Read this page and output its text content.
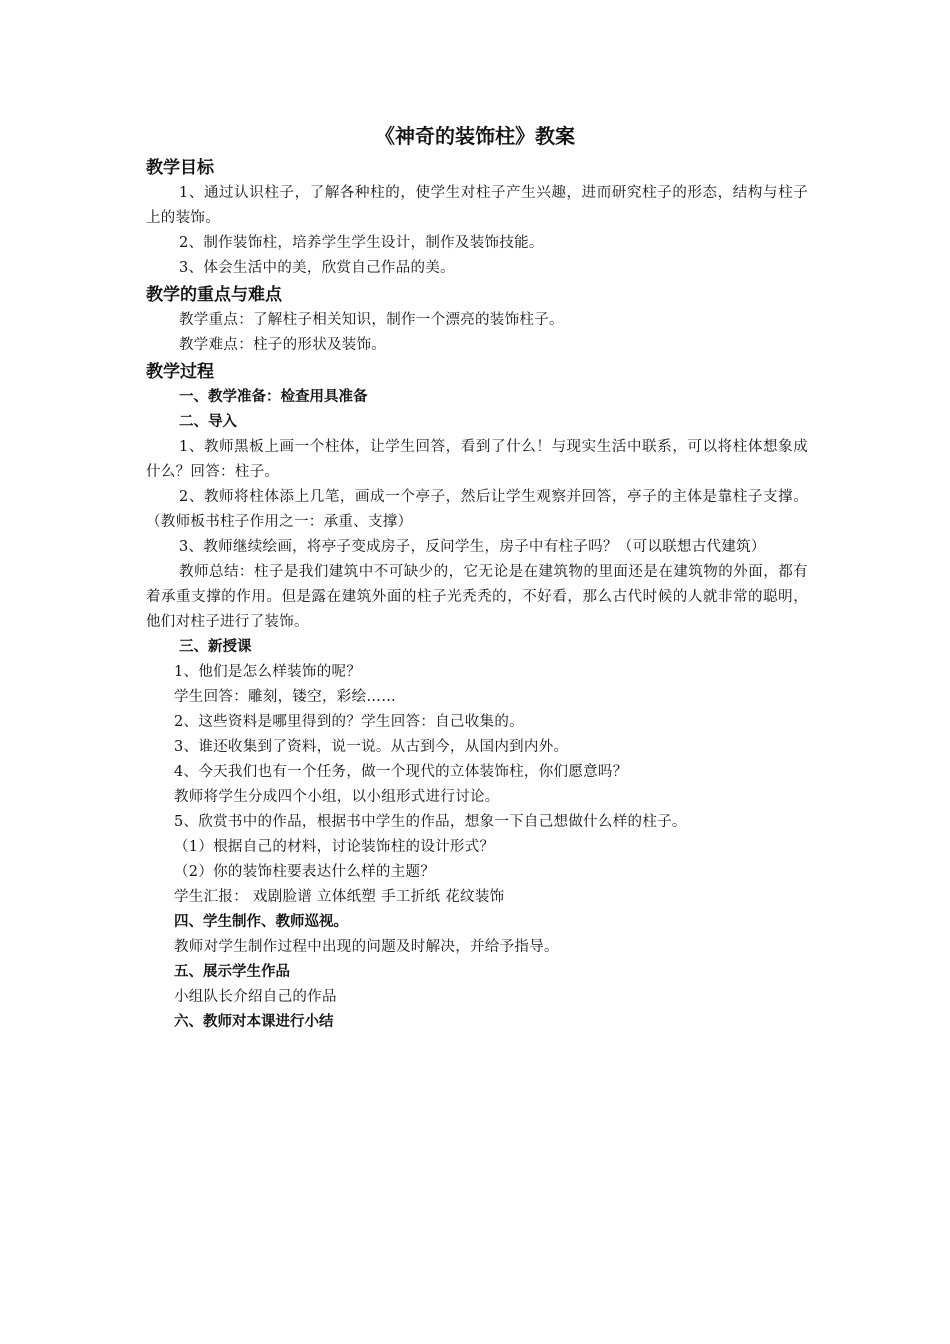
《神奇的装饰柱》教案

教学目标

1、通过认识柱子，了解各种柱的，使学生对柱子产生兴趣，进而研究柱子的形态，结构与柱子上的装饰。

2、制作装饰柱，培养学生学生设计，制作及装饰技能。

3、体会生活中的美，欣赏自己作品的美。

教学的重点与难点

教学重点：了解柱子相关知识，制作一个漂亮的装饰柱子。

教学难点：柱子的形状及装饰。

教学过程

一、教学准备：检查用具准备

二、导入

1、教师黑板上画一个柱体，让学生回答，看到了什么！与现实生活中联系，可以将柱体想象成什么？回答：柱子。

2、教师将柱体添上几笔，画成一个亭子，然后让学生观察并回答，亭子的主体是靠柱子支撑。（教师板书柱子作用之一：承重、支撑）

3、教师继续绘画，将亭子变成房子，反问学生，房子中有柱子吗？（可以联想古代建筑）

教师总结：柱子是我们建筑中不可缺少的，它无论是在建筑物的里面还是在建筑物的外面，都有着承重支撑的作用。但是露在建筑外面的柱子光秃秃的，不好看，那么古代时候的人就非常的聪明，他们对柱子进行了装饰。

三、新授课

1、他们是怎么样装饰的呢？

学生回答：雕刻，镂空，彩绘……

2、这些资料是哪里得到的？学生回答：自己收集的。

3、谁还收集到了资料，说一说。从古到今，从国内到内外。

4、今天我们也有一个任务，做一个现代的立体装饰柱，你们愿意吗？

教师将学生分成四个小组，以小组形式进行讨论。

5、欣赏书中的作品，根据书中学生的作品，想象一下自己想做什么样的柱子。

（1）根据自己的材料，讨论装饰柱的设计形式？

（2）你的装饰柱要表达什么样的主题？

学生汇报： 戏剧脸谱 立体纸塑 手工折纸 花纹装饰

四、学生制作、教师巡视。

教师对学生制作过程中出现的问题及时解决，并给予指导。

五、展示学生作品

小组队长介绍自己的作品

六、教师对本课进行小结
